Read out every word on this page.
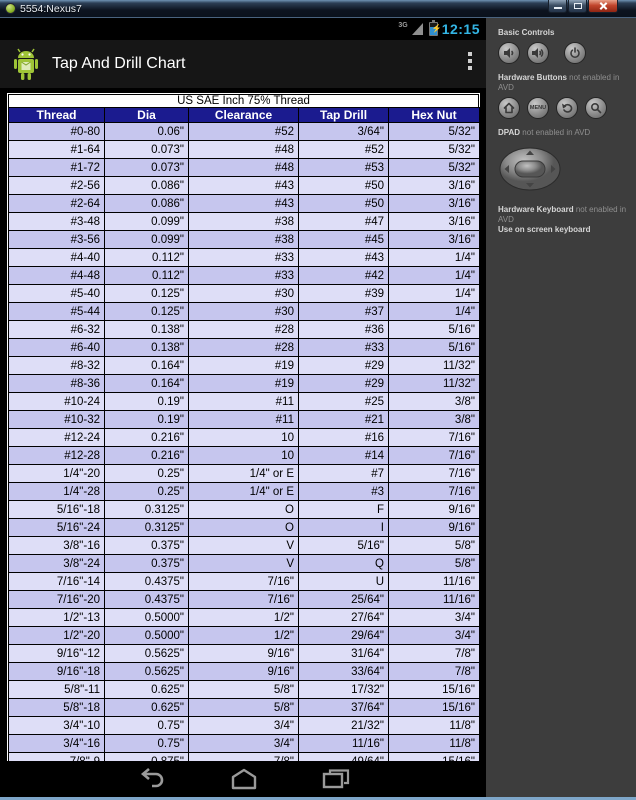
5554:Nexus7
3G	⚡ 12:15
Tap And Drill Chart
US SAE Inch 75% Thread
Thread	Dia	Clearance	Tap Drill	Hex Nut
#0-80	0.06"	#52	3/64"	5/32"
#1-64	0.073"	#48	#52	5/32"
#1-72	0.073"	#48	#53	5/32"
#2-56	0.086"	#43	#50	3/16"
#2-64	0.086"	#43	#50	3/16"
#3-48	0.099"	#38	#47	3/16"
#3-56	0.099"	#38	#45	3/16"
#4-40	0.112"	#33	#43	1/4"
#4-48	0.112"	#33	#42	1/4"
#5-40	0.125"	#30	#39	1/4"
#5-44	0.125"	#30	#37	1/4"
#6-32	0.138"	#28	#36	5/16"
#6-40	0.138"	#28	#33	5/16"
#8-32	0.164"	#19	#29	11/32"
#8-36	0.164"	#19	#29	11/32"
#10-24	0.19"	#11	#25	3/8"
#10-32	0.19"	#11	#21	3/8"
#12-24	0.216"	10	#16	7/16"
#12-28	0.216"	10	#14	7/16"
1/4"-20	0.25"	1/4" or E	#7	7/16"
1/4"-28	0.25"	1/4" or E	#3	7/16"
5/16"-18	0.3125"	O	F	9/16"
5/16"-24	0.3125"	O	I	9/16"
3/8"-16	0.375"	V	5/16"	5/8"
3/8"-24	0.375"	V	Q	5/8"
7/16"-14	0.4375"	7/16"	U	11/16"
7/16"-20	0.4375"	7/16"	25/64"	11/16"
1/2"-13	0.5000"	1/2"	27/64"	3/4"
1/2"-20	0.5000"	1/2"	29/64"	3/4"
9/16"-12	0.5625"	9/16"	31/64"	7/8"
9/16"-18	0.5625"	9/16"	33/64"	7/8"
5/8"-11	0.625"	5/8"	17/32"	15/16"
5/8"-18	0.625"	5/8"	37/64"	15/16"
3/4"-10	0.75"	3/4"	21/32"	11/8"
3/4"-16	0.75"	3/4"	11/16"	11/8"
7/8"-9	0.875"	7/8"	49/64"	15/16"
Basic Controls
Hardware Buttons not enabled in AVD
MENU
DPAD not enabled in AVD
Hardware Keyboard not enabled in AVD
Use on screen keyboard
